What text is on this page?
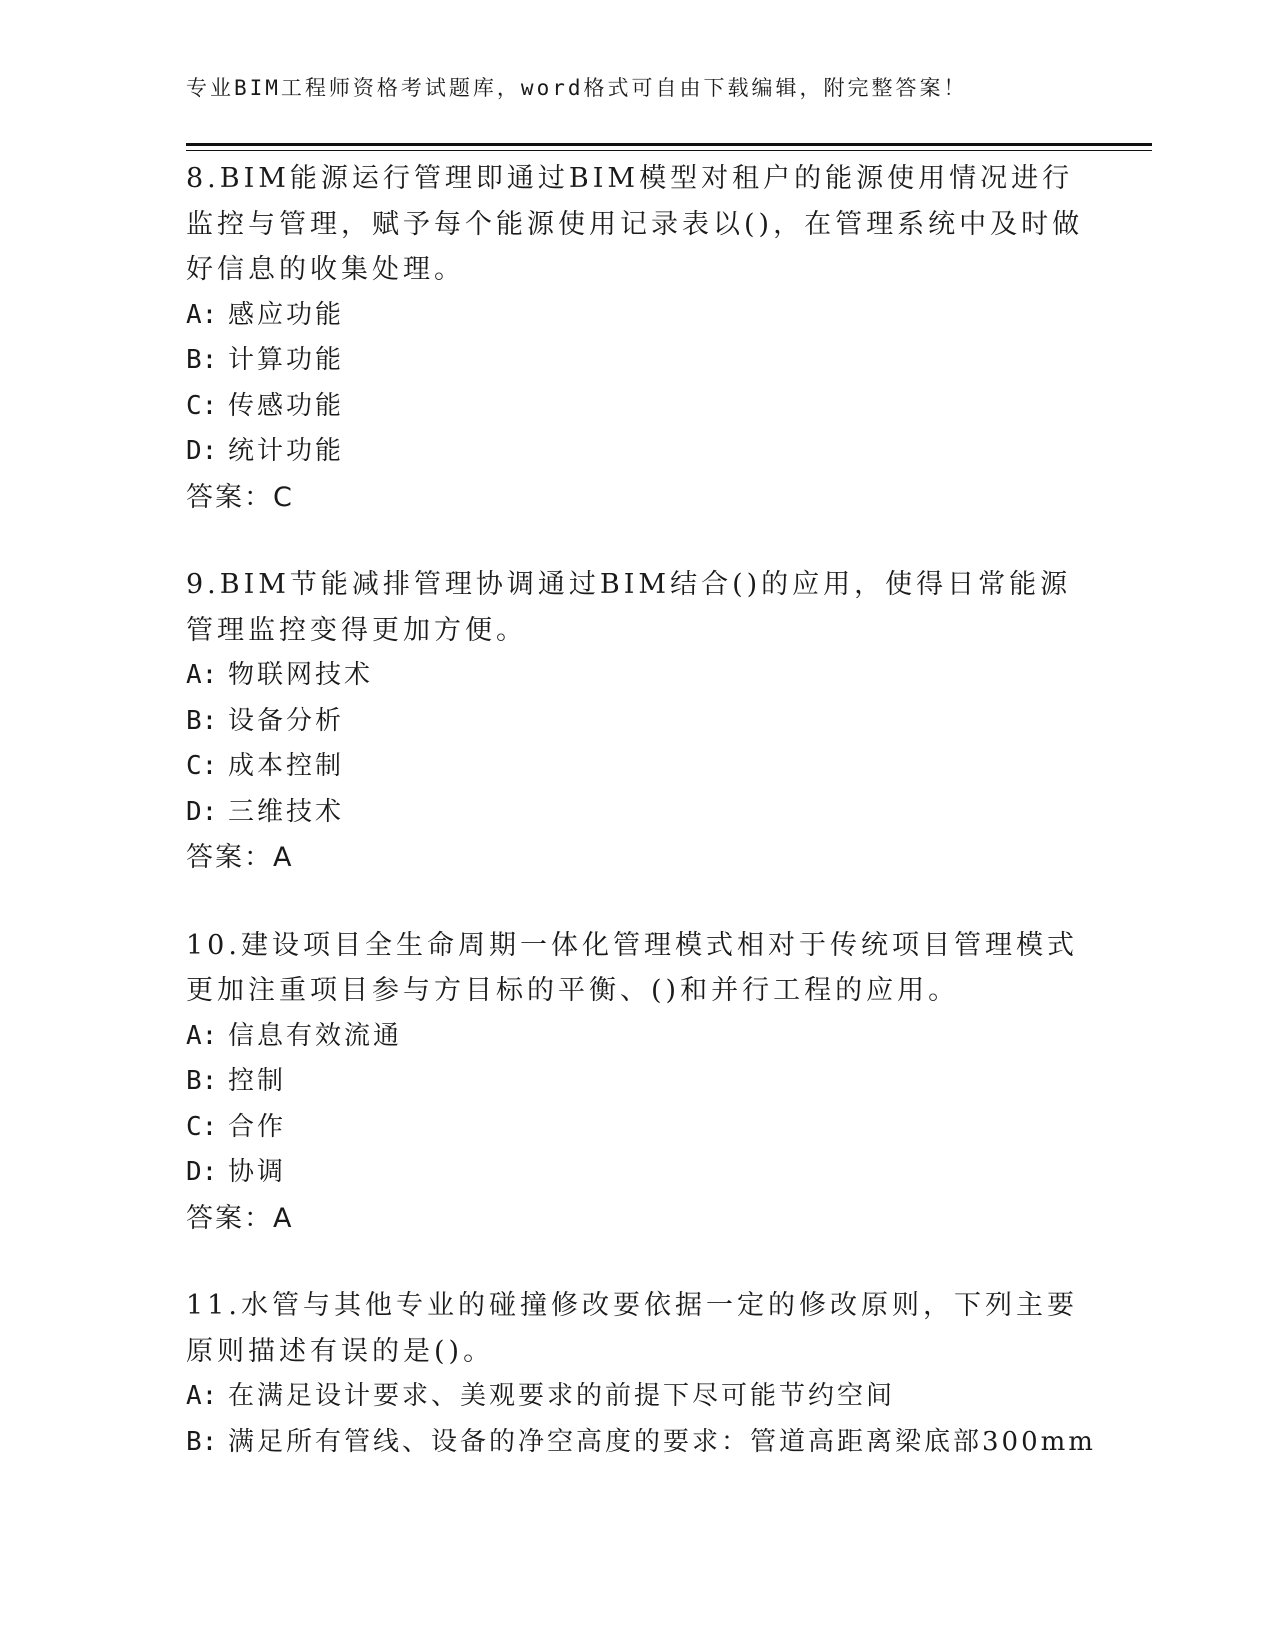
专业BIM工程师资格考试题库，word格式可自由下载编辑，附完整答案！

8.BIM能源运行管理即通过BIM模型对租户的能源使用情况进行监控与管理，赋予每个能源使用记录表以()，在管理系统中及时做好信息的收集处理。

A: 感应功能
B: 计算功能
C: 传感功能
D: 统计功能
答案：C

9.BIM节能减排管理协调通过BIM结合()的应用，使得日常能源管理监控变得更加方便。

A: 物联网技术
B: 设备分析
C: 成本控制
D: 三维技术
答案：A

10.建设项目全生命周期一体化管理模式相对于传统项目管理模式更加注重项目参与方目标的平衡、()和并行工程的应用。

A: 信息有效流通
B: 控制
C: 合作
D: 协调
答案：A

11.水管与其他专业的碰撞修改要依据一定的修改原则，下列主要原则描述有误的是()。

A: 在满足设计要求、美观要求的前提下尽可能节约空间
B: 满足所有管线、设备的净空高度的要求：管道高距离梁底部300mm
